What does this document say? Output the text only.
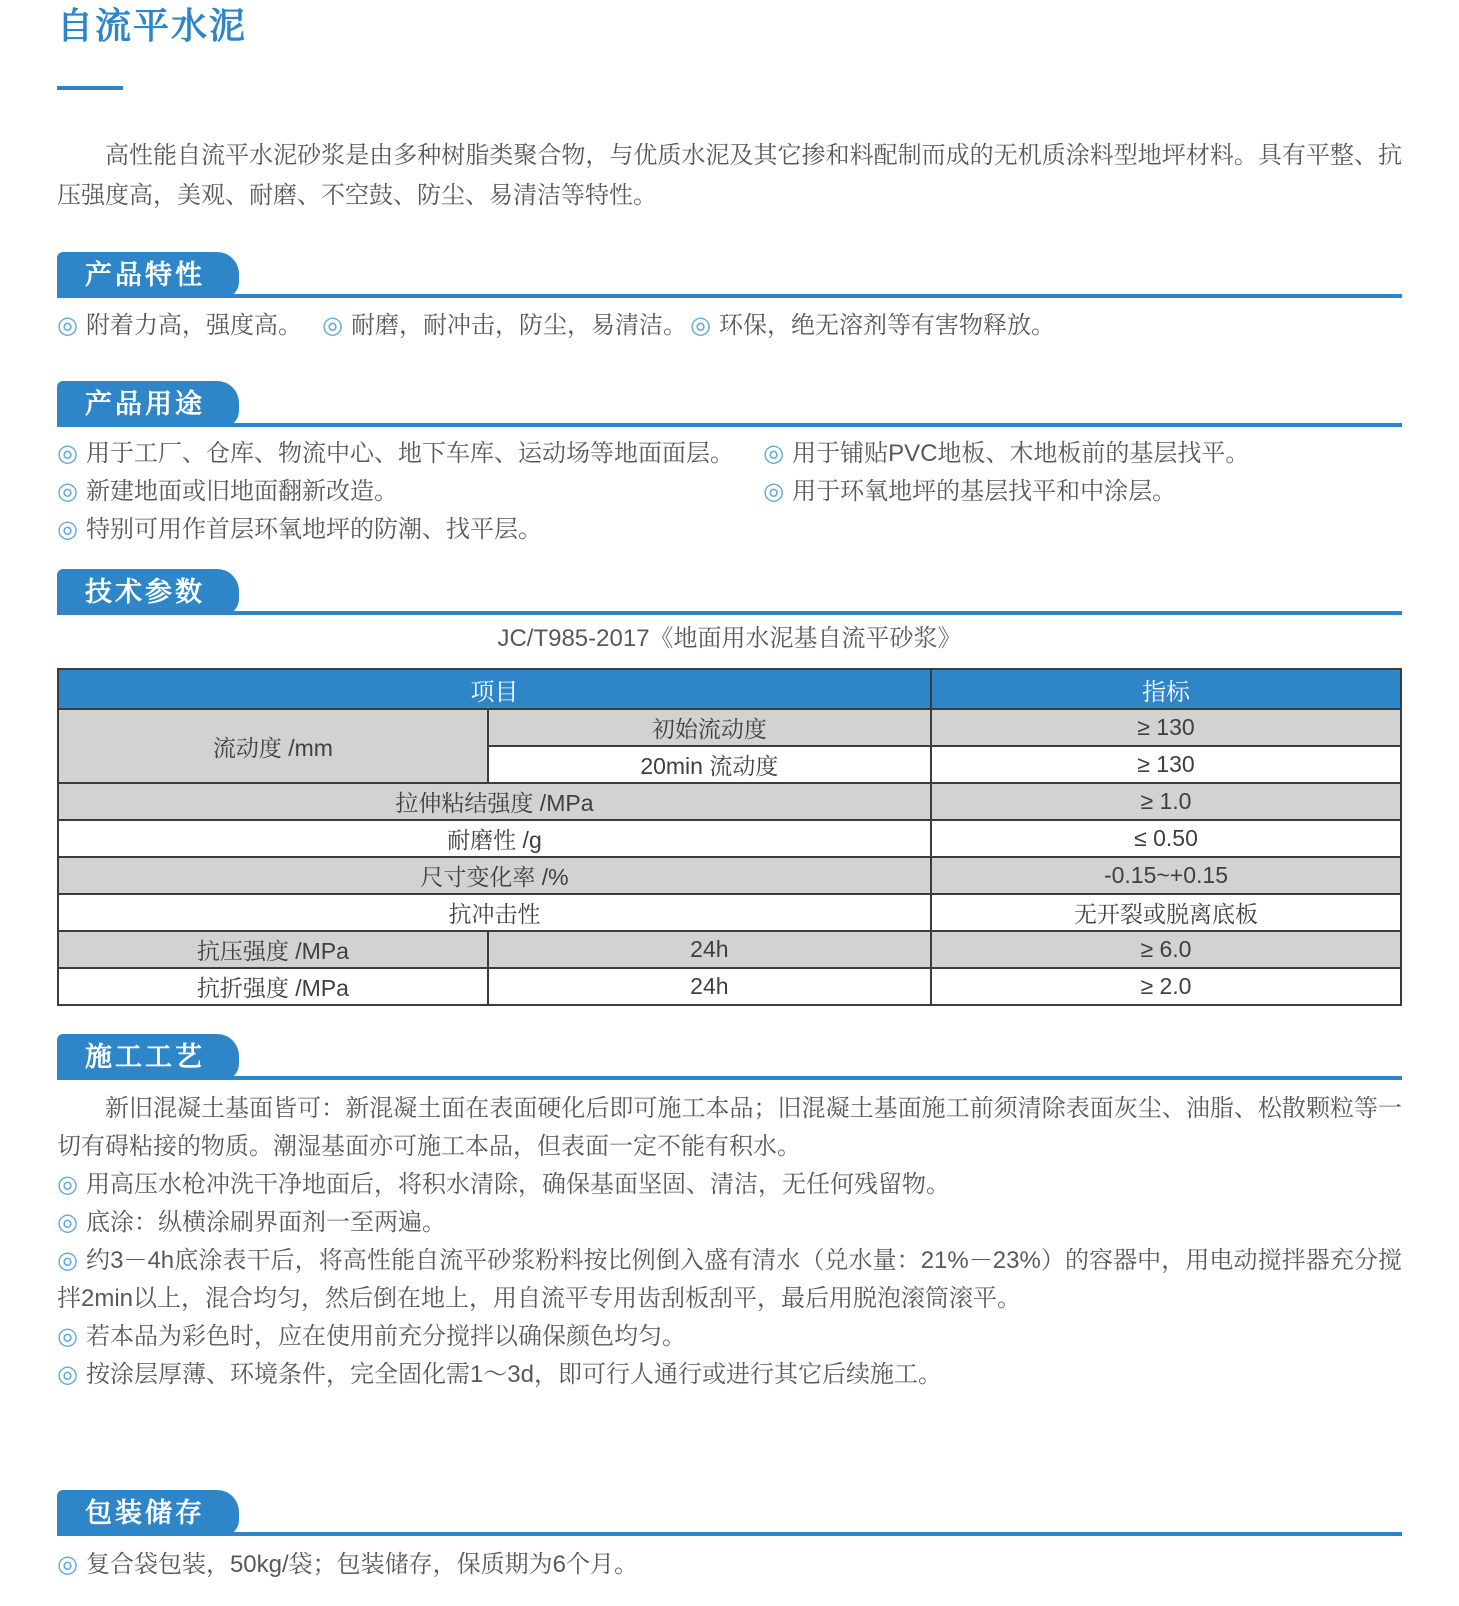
自流平水泥

高性能自流平水泥砂浆是由多种树脂类聚合物，与优质水泥及其它掺和料配制而成的无机质涂料型地坪材料。具有平整、抗压强度高，美观、耐磨、不空鼓、防尘、易清洁等特性。

产品特性

◎ 附着力高，强度高。 ◎ 耐磨，耐冲击，防尘，易清洁。 ◎ 环保，绝无溶剂等有害物释放。

产品用途

◎ 用于工厂、仓库、物流中心、地下车库、运动场等地面面层。

◎ 新建地面或旧地面翻新改造。

◎ 特别可用作首层环氧地坪的防潮、找平层。

◎ 用于铺贴PVC地板、木地板前的基层找平。

◎ 用于环氧地坪的基层找平和中涂层。

技术参数

JC/T985-2017《地面用水泥基自流平砂浆》

项目		指标
流动度 /mm	初始流动度	≥ 130
	20min 流动度	≥ 130
拉伸粘结强度 /MPa		≥ 1.0
耐磨性 /g		≤ 0.50
尺寸变化率 /%		-0.15~+0.15
抗冲击性		无开裂或脱离底板
抗压强度 /MPa	24h	≥ 6.0
抗折强度 /MPa	24h	≥ 2.0
施工工艺

新旧混凝土基面皆可：新混凝土面在表面硬化后即可施工本品；旧混凝土基面施工前须清除表面灰尘、油脂、松散颗粒等一切有碍粘接的物质。潮湿基面亦可施工本品，但表面一定不能有积水。

◎ 用高压水枪冲洗干净地面后，将积水清除，确保基面坚固、清洁，无任何残留物。

◎ 底涂：纵横涂刷界面剂一至两遍。

◎ 约3－4h底涂表干后，将高性能自流平砂浆粉料按比例倒入盛有清水（兑水量：21%－23%）的容器中，用电动搅拌器充分搅拌2min以上，混合均匀，然后倒在地上，用自流平专用齿刮板刮平，最后用脱泡滚筒滚平。

◎ 若本品为彩色时，应在使用前充分搅拌以确保颜色均匀。

◎ 按涂层厚薄、环境条件，完全固化需1～3d，即可行人通行或进行其它后续施工。

包装储存

◎ 复合袋包装，50kg/袋；包装储存，保质期为6个月。
